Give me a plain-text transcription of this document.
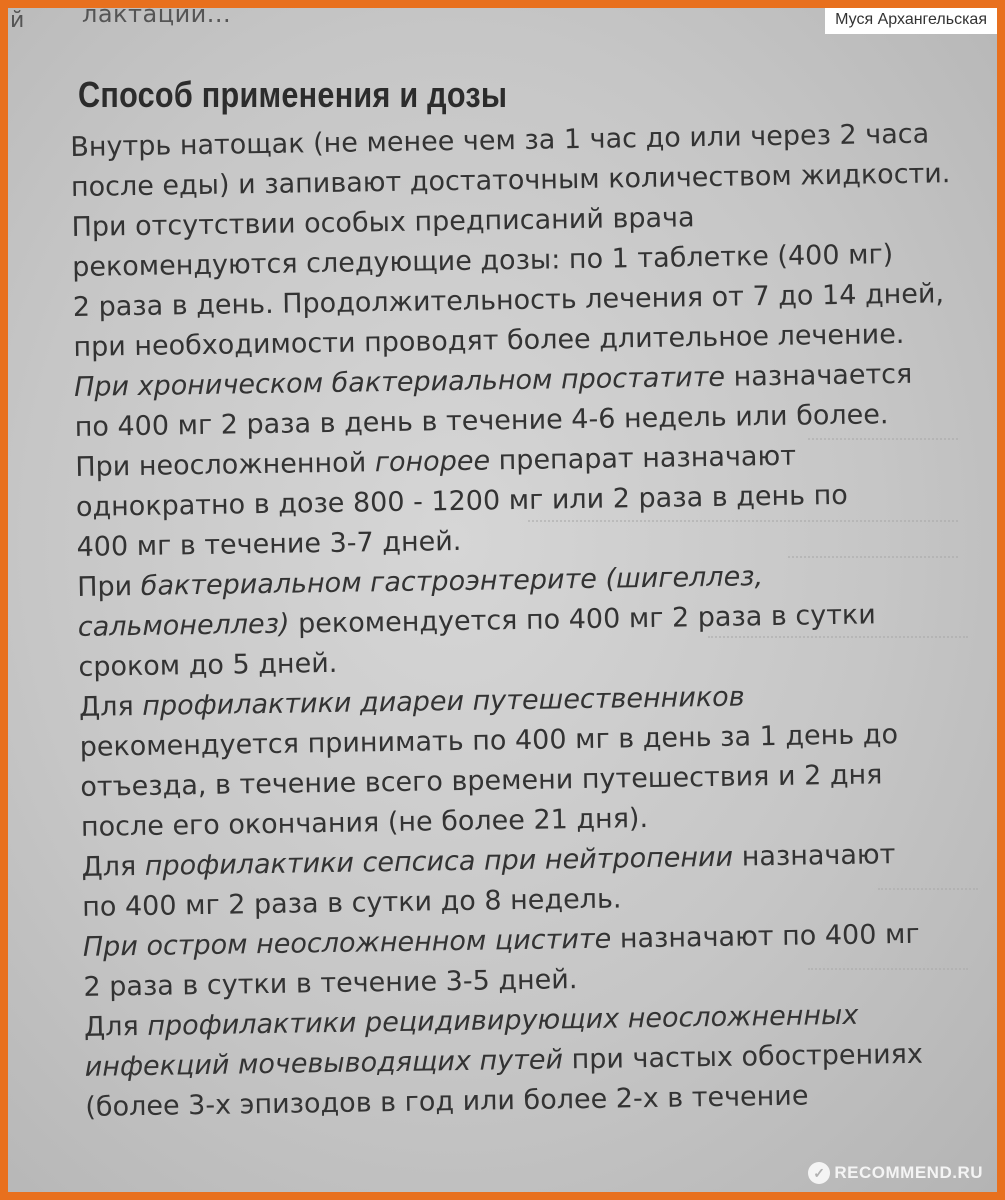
й лактации...
Способ применения и дозы
Внутрь натощак (не менее чем за 1 час до или через 2 часа
после еды) и запивают достаточным количеством жидкости.
При отсутствии особых предписаний врача
рекомендуются следующие дозы: по 1 таблетке (400 мг)
2 раза в день. Продолжительность лечения от 7 до 14 дней,
при необходимости проводят более длительное лечение.
При хроническом бактериальном простатите назначается
по 400 мг 2 раза в день в течение 4-6 недель или более.
При неосложненной гонорее препарат назначают
однократно в дозе 800 - 1200 мг или 2 раза в день по
400 мг в течение 3-7 дней.
При бактериальном гастроэнтерите (шигеллез,
сальмонеллез) рекомендуется по 400 мг 2 раза в сутки
сроком до 5 дней.
Для профилактики диареи путешественников
рекомендуется принимать по 400 мг в день за 1 день до
отъезда, в течение всего времени путешествия и 2 дня
после его окончания (не более 21 дня).
Для профилактики сепсиса при нейтропении назначают
по 400 мг 2 раза в сутки до 8 недель.
При остром неосложненном цистите назначают по 400 мг
2 раза в сутки в течение 3-5 дней.
Для профилактики рецидивирующих неосложненных
инфекций мочевыводящих путей при частых обострениях
(более 3-х эпизодов в год или более 2-х в течение
Муся Архангельская
✓ RECOMMEND.RU
